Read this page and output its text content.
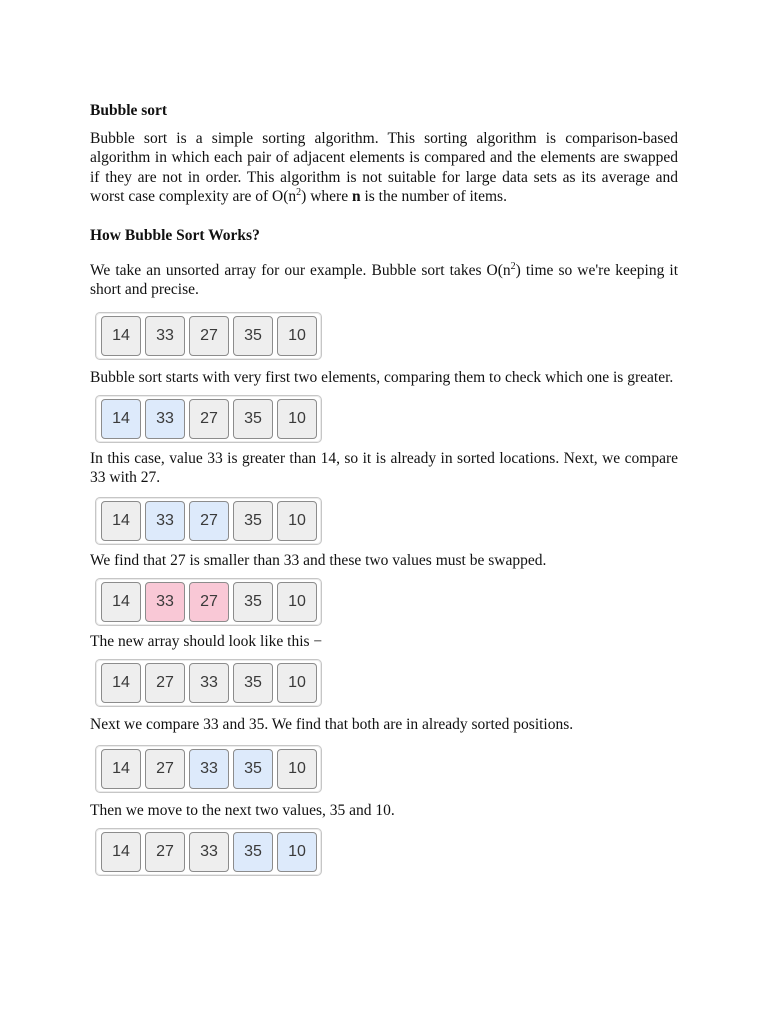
Bubble sort

Bubble sort is a simple sorting algorithm. This sorting algorithm is comparison-based algorithm in which each pair of adjacent elements is compared and the elements are swapped if they are not in order. This algorithm is not suitable for large data sets as its average and worst case complexity are of $O(n^2)$ where n is the number of items.

How Bubble Sort Works?

We take an unsorted array for our example. Bubble sort takes $O(n^2)$ time so we're keeping it short and precise.

14	33	27	35	10

Bubble sort starts with very first two elements, comparing them to check which one is greater.

14	33	27	35	10

In this case, value 33 is greater than 14, so it is already in sorted locations. Next, we compare 33 with 27.

14	33	27	35	10

We find that 27 is smaller than 33 and these two values must be swapped.

14	33	27	35	10

The new array should look like this −

14	27	33	35	10

Next we compare 33 and 35. We find that both are in already sorted positions.

14	27	33	35	10

Then we move to the next two values, 35 and 10.

14	27	33	35	10
